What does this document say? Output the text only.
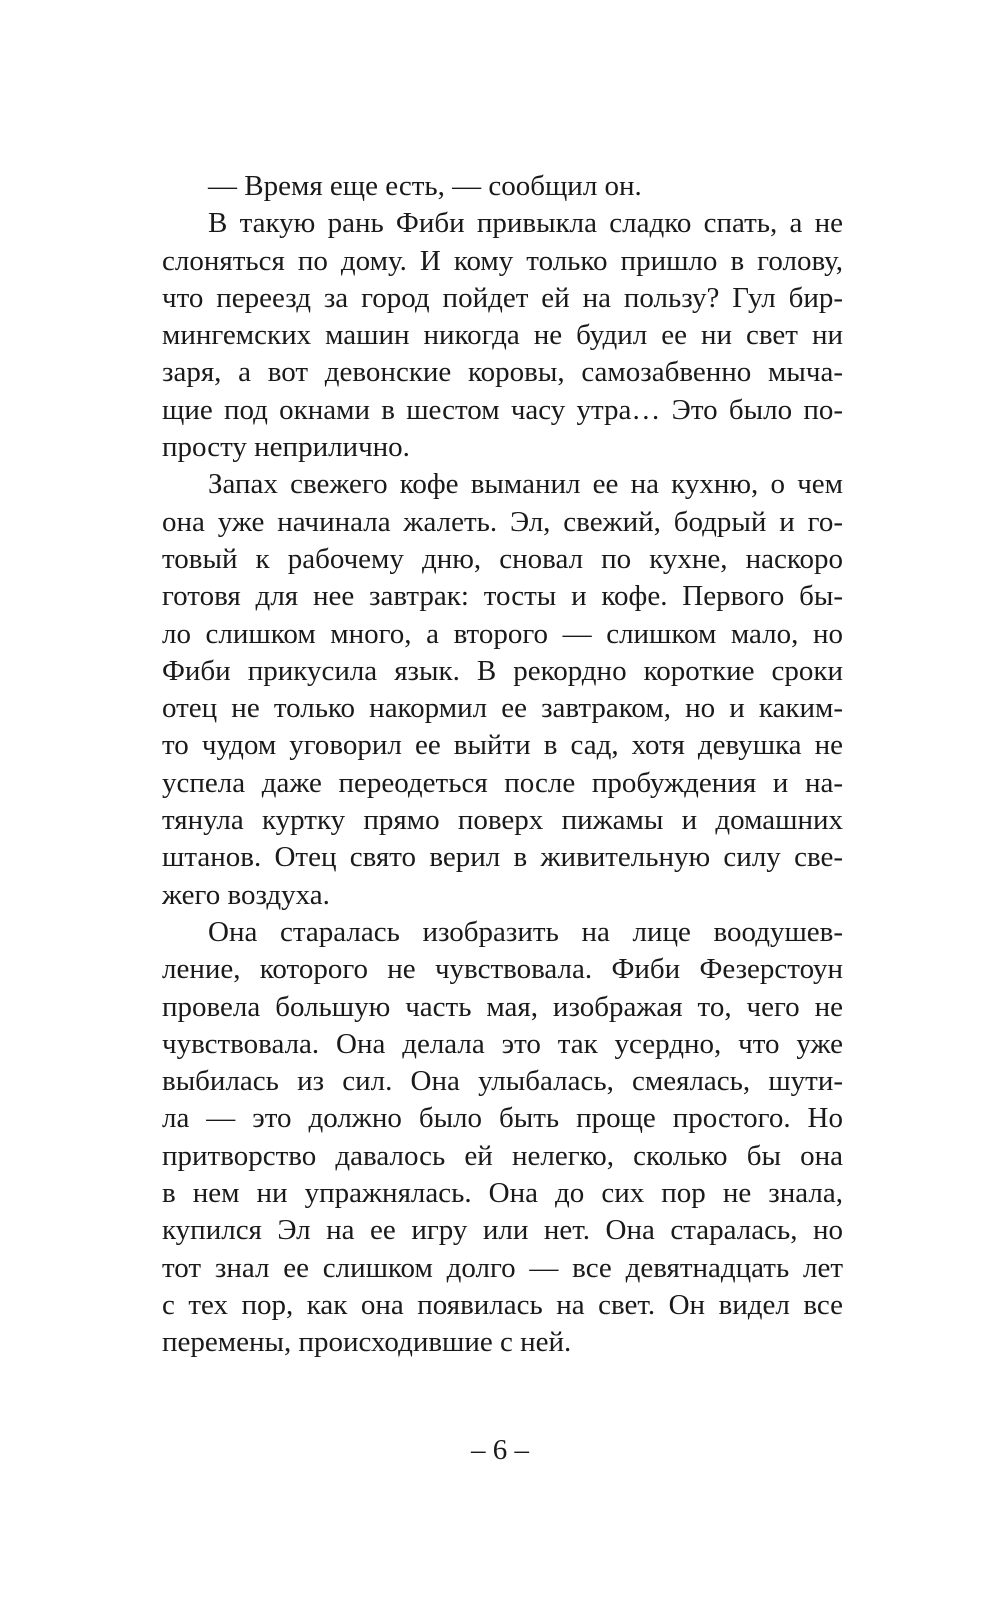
— Время еще есть, — сообщил он.
В такую рань Фиби привыкла сладко спать, а не
слоняться по дому. И кому только пришло в голову,
что переезд за город пойдет ей на пользу? Гул бир-
мингемских машин никогда не будил ее ни свет ни
заря, а вот девонские коровы, самозабвенно мыча-
щие под окнами в шестом часу утра… Это было по-
просту неприлично.
Запах свежего кофе выманил ее на кухню, о чем
она уже начинала жалеть. Эл, свежий, бодрый и го-
товый к рабочему дню, сновал по кухне, наскоро
готовя для нее завтрак: тосты и кофе. Первого бы-
ло слишком много, а второго — слишком мало, но
Фиби прикусила язык. В рекордно короткие сроки
отец не только накормил ее завтраком, но и каким-
то чудом уговорил ее выйти в сад, хотя девушка не
успела даже переодеться после пробуждения и на-
тянула куртку прямо поверх пижамы и домашних
штанов. Отец свято верил в живительную силу све-
жего воздуха.
Она старалась изобразить на лице воодушев-
ление, которого не чувствовала. Фиби Фезерстоун
провела большую часть мая, изображая то, чего не
чувствовала. Она делала это так усердно, что уже
выбилась из сил. Она улыбалась, смеялась, шути-
ла — это должно было быть проще простого. Но
притворство давалось ей нелегко, сколько бы она
в нем ни упражнялась. Она до сих пор не знала,
купился Эл на ее игру или нет. Она старалась, но
тот знал ее слишком долго — все девятнадцать лет
с тех пор, как она появилась на свет. Он видел все
перемены, происходившие с ней.
– 6 –
